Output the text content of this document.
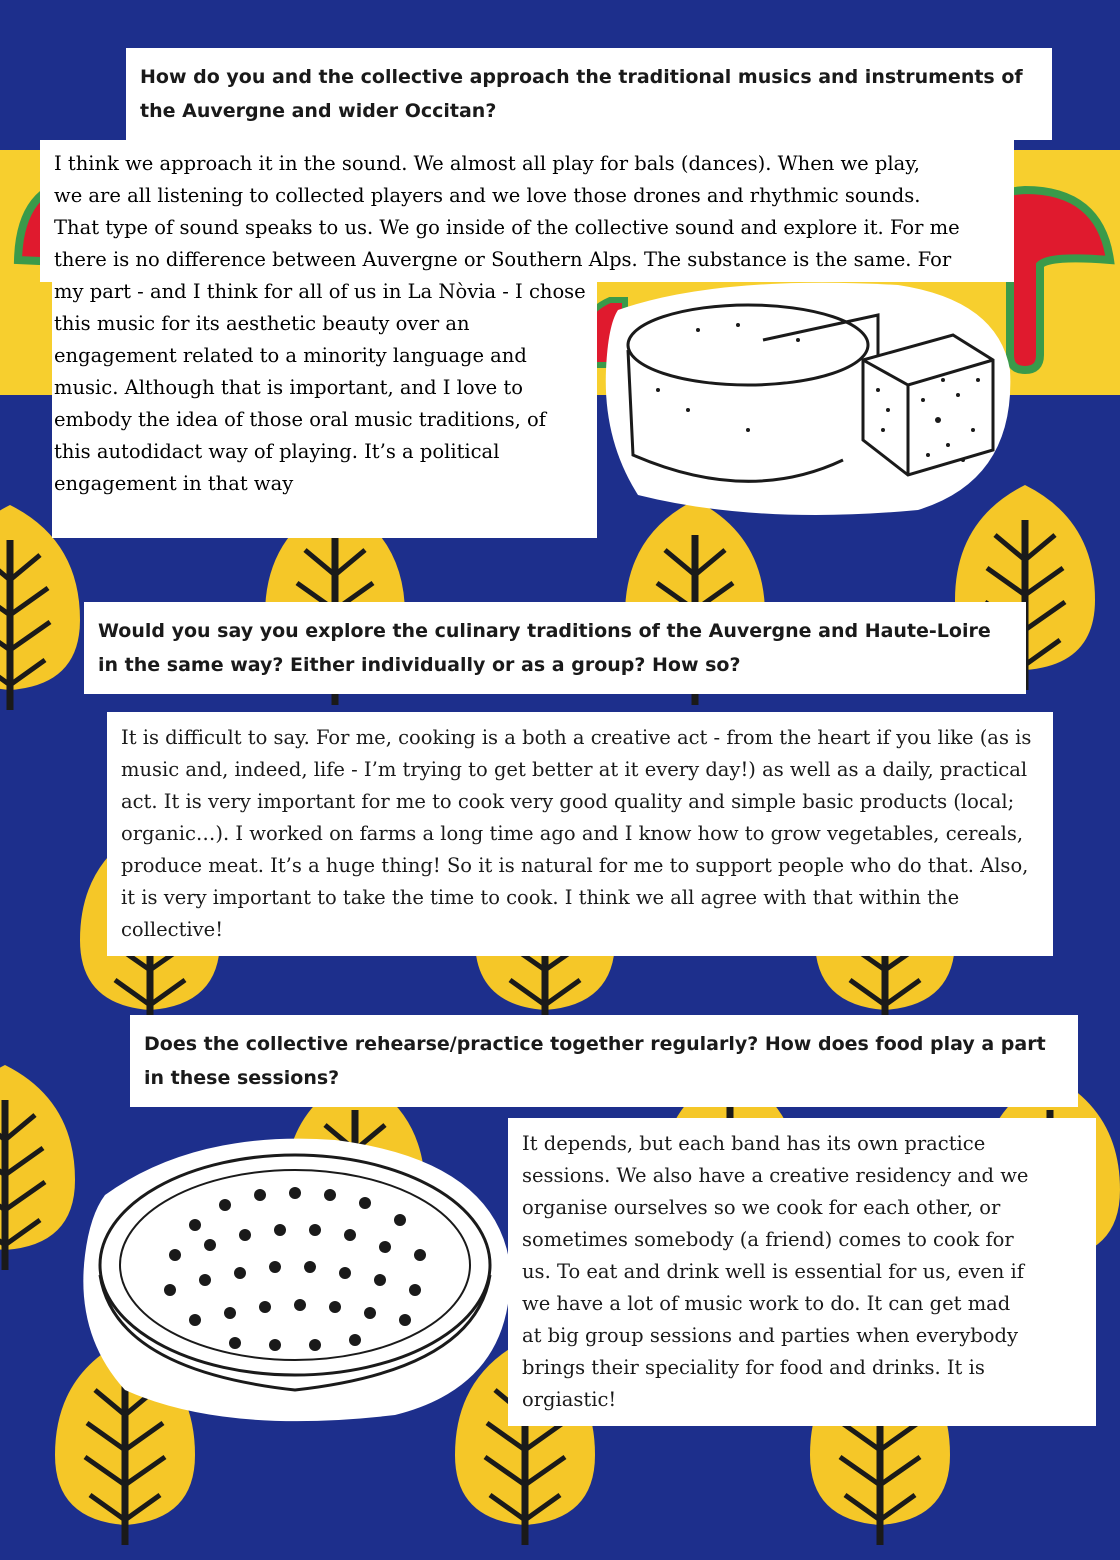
How do you and the collective approach the traditional musics and instruments of
the Auvergne and wider Occitan?
I think we approach it in the sound. We almost all play for bals (dances). When we play,
we are all listening to collected players and we love those drones and rhythmic sounds.
That type of sound speaks to us. We go inside of the collective sound and explore it. For me
there is no difference between Auvergne or Southern Alps. The substance is the same. For
my part - and I think for all of us in La Nòvia - I chose
this music for its aesthetic beauty over an
engagement related to a minority language and
music. Although that is important, and I love to
embody the idea of those oral music traditions, of
this autodidact way of playing. It’s a political
engagement in that way
Would you say you explore the culinary traditions of the Auvergne and Haute-Loire
in the same way? Either individually or as a group? How so?
It is difficult to say. For me, cooking is a both a creative act - from the heart if you like (as is
music and, indeed, life - I’m trying to get better at it every day!) as well as a daily, practical
act. It is very important for me to cook very good quality and simple basic products (local;
organic…). I worked on farms a long time ago and I know how to grow vegetables, cereals,
produce meat. It’s a huge thing! So it is natural for me to support people who do that. Also,
it is very important to take the time to cook. I think we all agree with that within the
collective!
Does the collective rehearse/practice together regularly? How does food play a part
in these sessions?
It depends, but each band has its own practice
sessions. We also have a creative residency and we
organise ourselves so we cook for each other, or
sometimes somebody (a friend) comes to cook for
us. To eat and drink well is essential for us, even if
we have a lot of music work to do. It can get mad
at big group sessions and parties when everybody
brings their speciality for food and drinks. It is
orgiastic!
